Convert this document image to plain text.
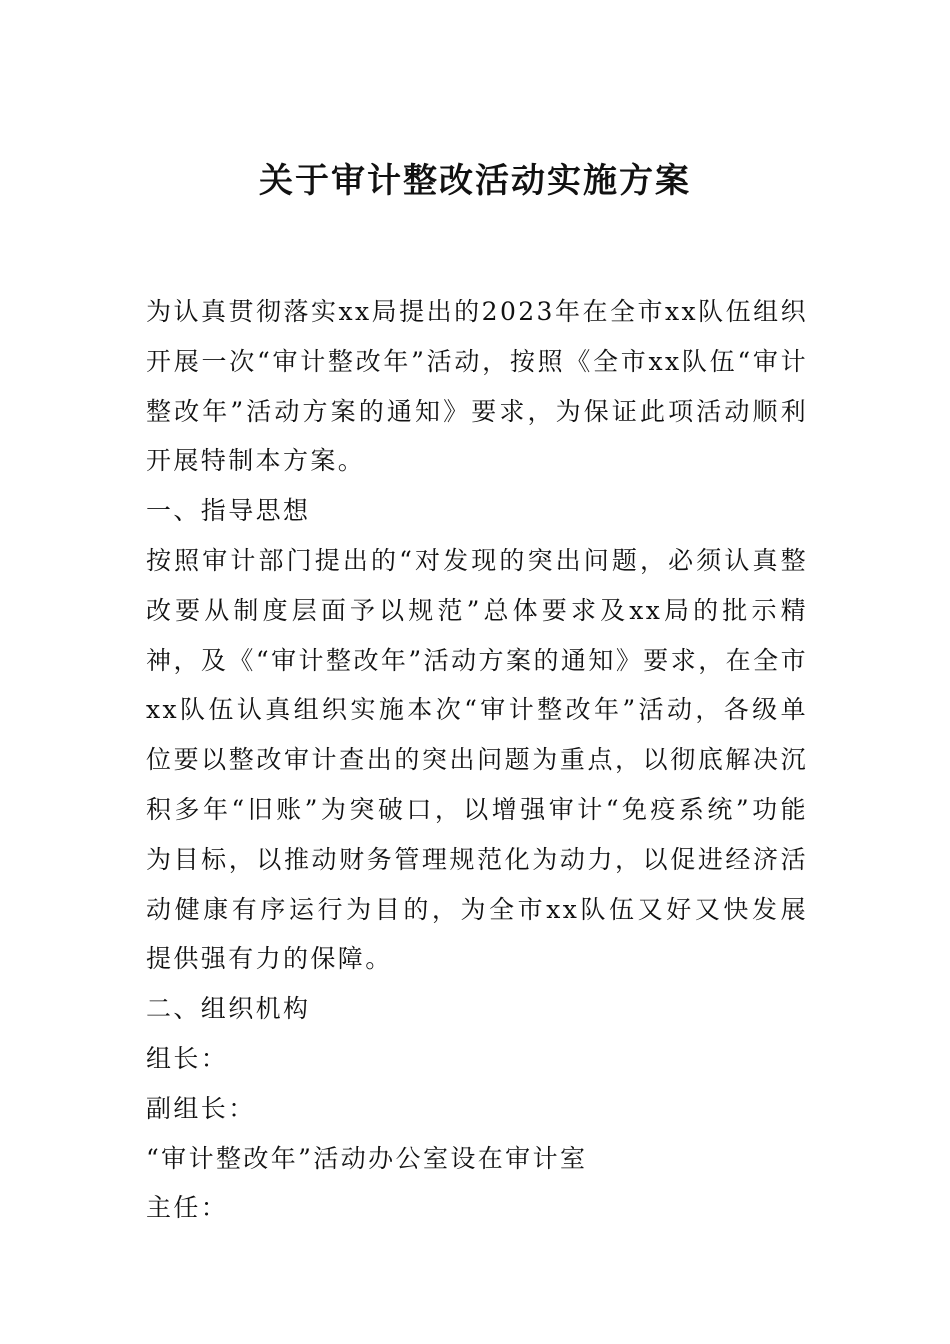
关于审计整改活动实施方案

为认真贯彻落实xx局提出的2023年在全市xx队伍组织开展一次“审计整改年”活动，按照《全市xx队伍“审计整改年”活动方案的通知》要求，为保证此项活动顺利开展特制本方案。

一、指导思想

按照审计部门提出的“对发现的突出问题，必须认真整改要从制度层面予以规范”总体要求及xx局的批示精神，及《“审计整改年”活动方案的通知》要求，在全市xx队伍认真组织实施本次“审计整改年”活动，各级单位要以整改审计查出的突出问题为重点，以彻底解决沉积多年“旧账”为突破口，以增强审计“免疫系统”功能为目标，以推动财务管理规范化为动力，以促进经济活动健康有序运行为目的，为全市xx队伍又好又快发展提供强有力的保障。

二、组织机构

组长：

副组长：

“审计整改年”活动办公室设在审计室

主任：
